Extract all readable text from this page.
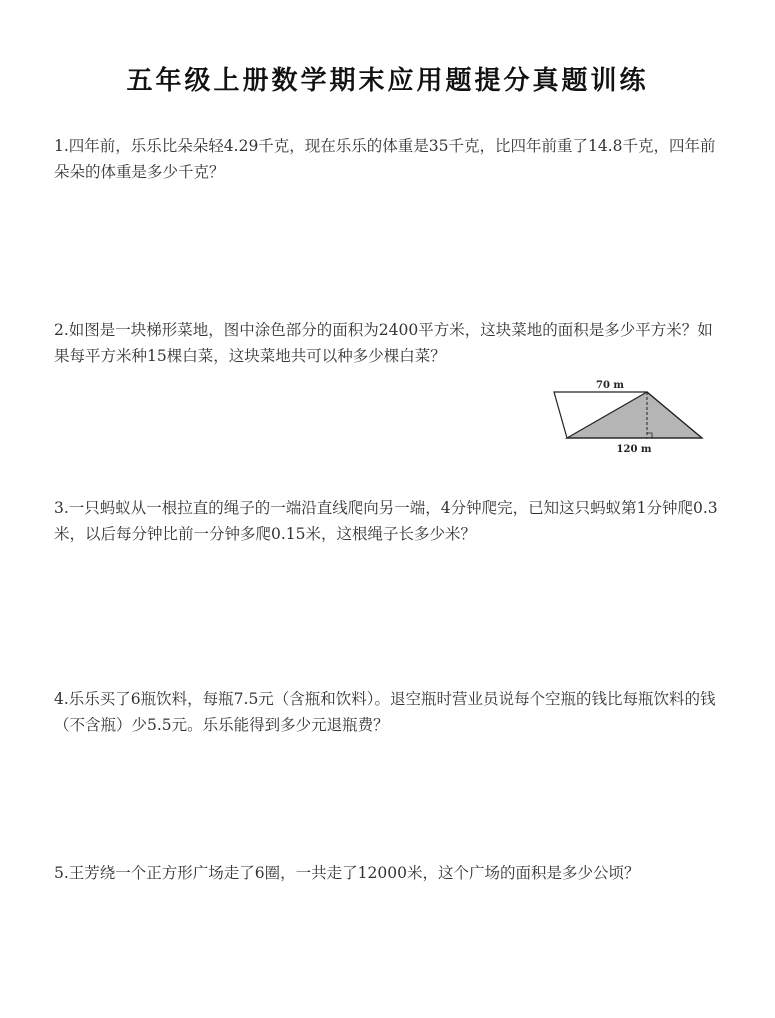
五年级上册数学期末应用题提分真题训练

1.四年前，乐乐比朵朵轻4.29千克，现在乐乐的体重是35千克，比四年前重了14.8千克，四年前朵朵的体重是多少千克？

2.如图是一块梯形菜地，图中涂色部分的面积为2400平方米，这块菜地的面积是多少平方米？如果每平方米种15棵白菜，这块菜地共可以种多少棵白菜？

70 m
120 m

3.一只蚂蚁从一根拉直的绳子的一端沿直线爬向另一端，4分钟爬完，已知这只蚂蚁第1分钟爬0.3米，以后每分钟比前一分钟多爬0.15米，这根绳子长多少米？

4.乐乐买了6瓶饮料，每瓶7.5元（含瓶和饮料）。退空瓶时营业员说每个空瓶的钱比每瓶饮料的钱（不含瓶）少5.5元。乐乐能得到多少元退瓶费？

5.王芳绕一个正方形广场走了6圈，一共走了12000米，这个广场的面积是多少公顷？
